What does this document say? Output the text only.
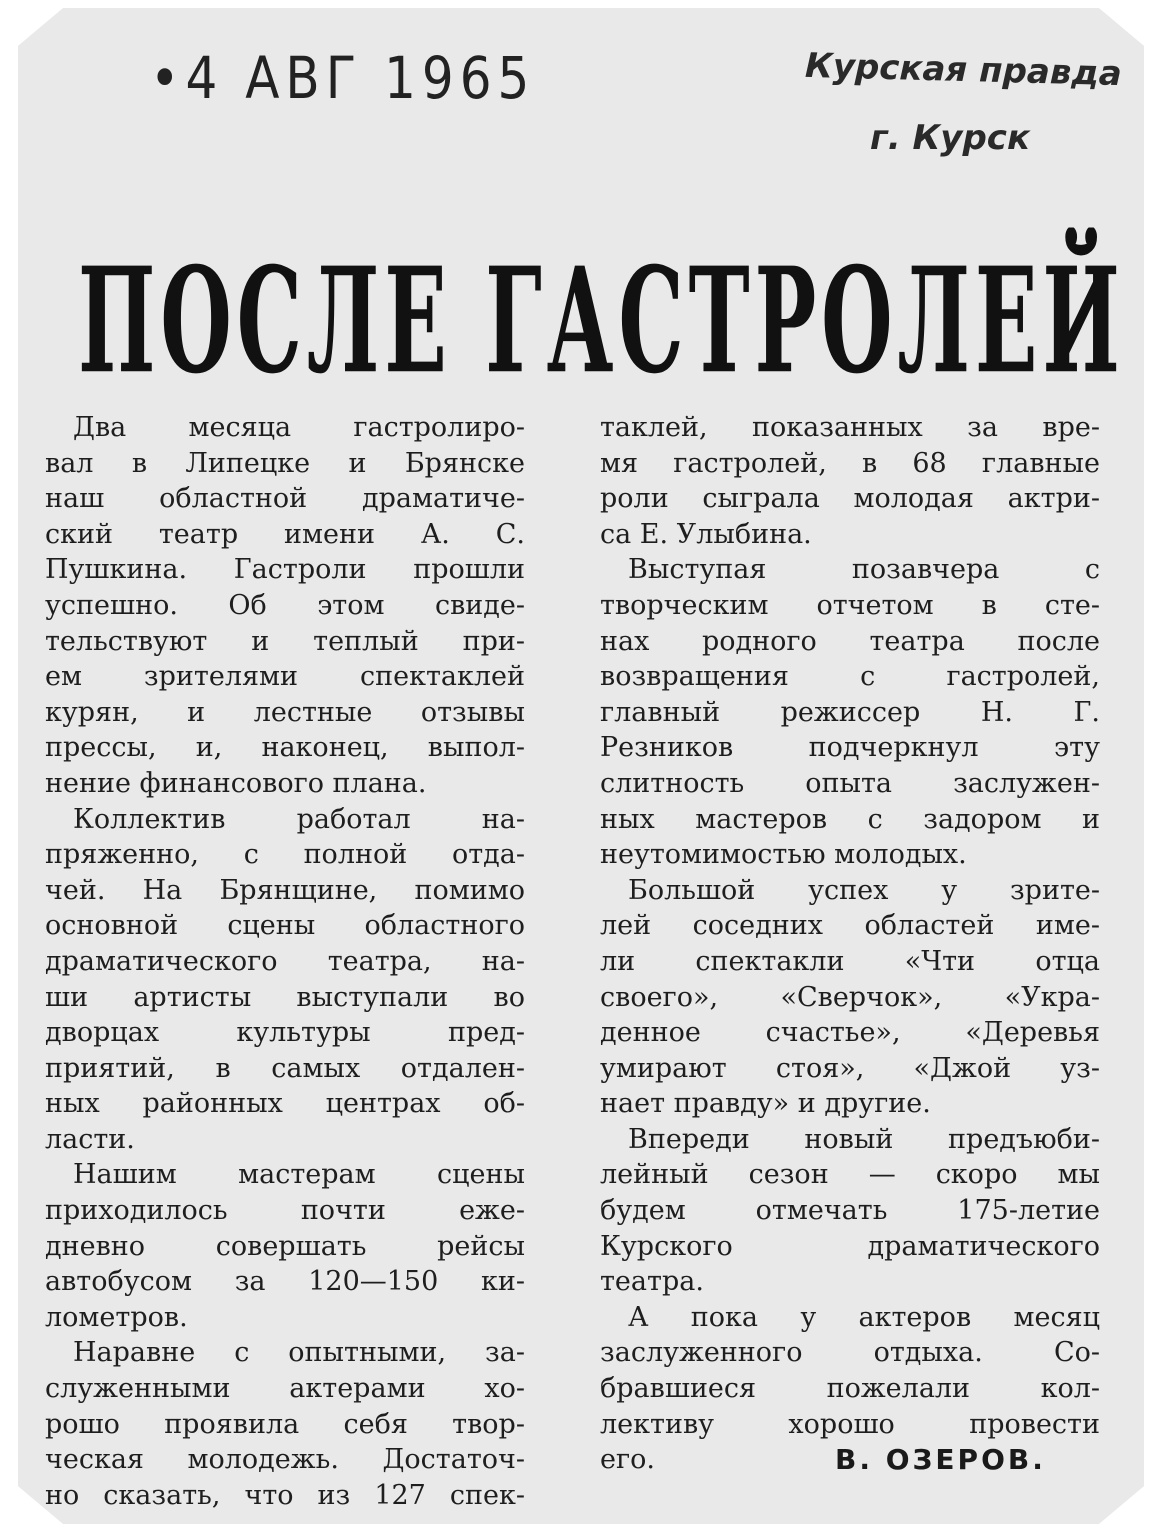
•4 АВГ 1965	Курская правда
г. Курск
ПОСЛЕ ГАСТРОЛЕЙ
Два месяца гастролиро-
вал в Липецке и Брянске
наш областной драматиче-
ский театр имени А. С.
Пушкина. Гастроли прошли
успешно. Об этом свиде-
тельствуют и теплый при-
ем зрителями спектаклей
курян, и лестные отзывы
прессы, и, наконец, выпол-
нение финансового плана.
Коллектив	работал	на-
пряженно, с полной отда-
чей. На Брянщине, помимо
основной сцены областного
драматического театра, на-
ши артисты выступали во
дворцах	культуры	пред-
приятий, в самых отдален-
ных районных центрах об-
ласти.
Нашим мастерам сцены
приходилось	почти	еже-
дневно	совершать	рейсы
автобусом за 120—150 ки-
лометров.
Наравне с опытными, за-
служенными актерами хо-
рошо проявила себя твор-
ческая молодежь. Достаточ-
но сказать, что из 127 спек-
таклей, показанных за вре-
мя гастролей, в 68 главные
роли сыграла молодая актри-
са Е. Улыбина.
Выступая	позавчера	с
творческим отчетом в сте-
нах родного театра после
возвращения	с	гастролей,
главный режиссер Н. Г.
Резников	подчеркнул	эту
слитность опыта заслужен-
ных мастеров с задором и
неутомимостью молодых.
Большой успех у зрите-
лей соседних областей име-
ли спектакли «Чти отца
своего», «Сверчок», «Укра-
денное счастье», «Деревья
умирают стоя», «Джой уз-
нает правду» и другие.
Впереди новый предъюби-
лейный сезон — скоро мы
будем	отмечать	175-летие
Курского	драматического
театра.
А пока у актеров месяц
заслуженного	отдыха.	Со-
бравшиеся	пожелали	кол-
лективу	хорошо	провести
его.	В. ОЗЕРОВ.
